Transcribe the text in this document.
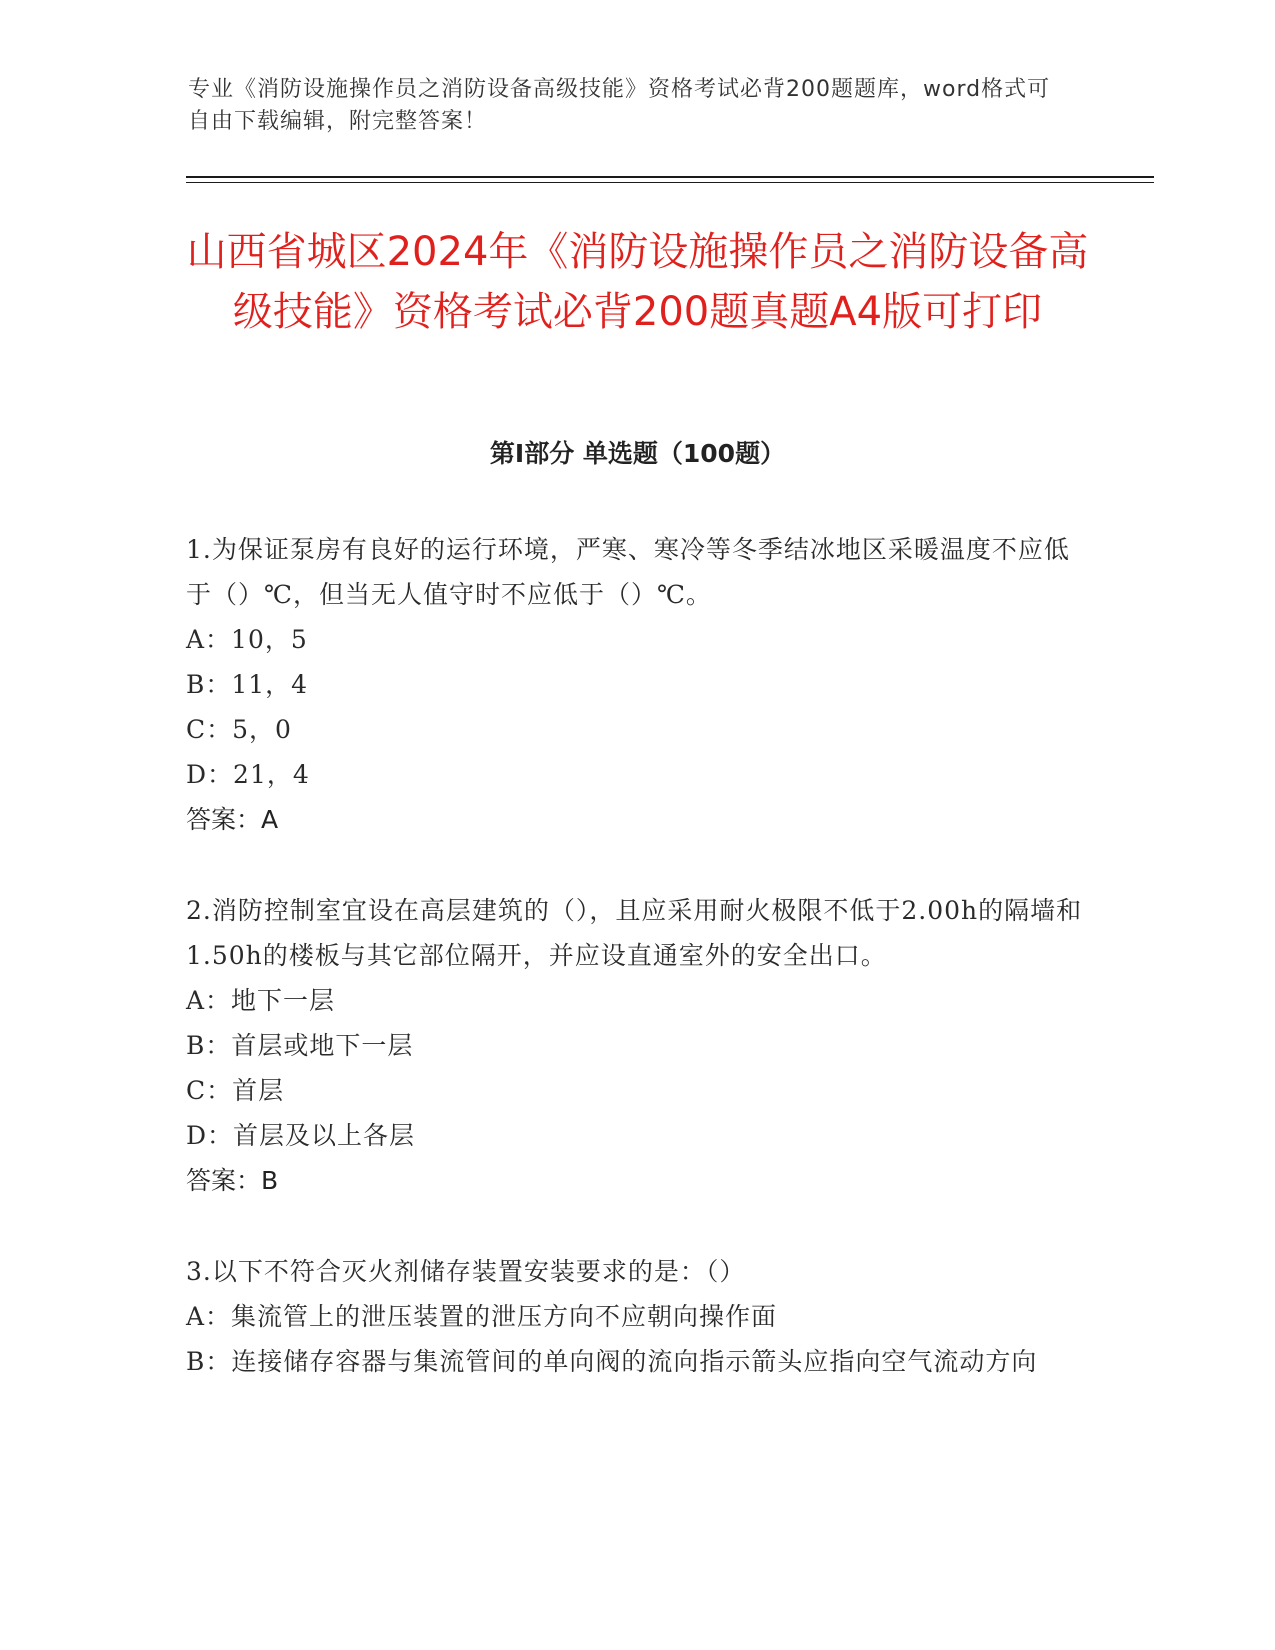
专业《消防设施操作员之消防设备高级技能》资格考试必背200题题库，word格式可自由下载编辑，附完整答案！
山西省城区2024年《消防设施操作员之消防设备高级技能》资格考试必背200题真题A4版可打印
第Ⅰ部分 单选题（100题）

1.为保证泵房有良好的运行环境，严寒、寒冷等冬季结冰地区采暖温度不应低于（）℃，但当无人值守时不应低于（）℃。

A：10，5

B：11，4

C：5，0

D：21，4

答案：A

2.消防控制室宜设在高层建筑的（），且应采用耐火极限不低于2.00h的隔墙和1.50h的楼板与其它部位隔开，并应设直通室外的安全出口。

A：地下一层

B：首层或地下一层

C：首层

D：首层及以上各层

答案：B

3.以下不符合灭火剂储存装置安装要求的是：（）

A：集流管上的泄压装置的泄压方向不应朝向操作面

B：连接储存容器与集流管间的单向阀的流向指示箭头应指向空气流动方向
